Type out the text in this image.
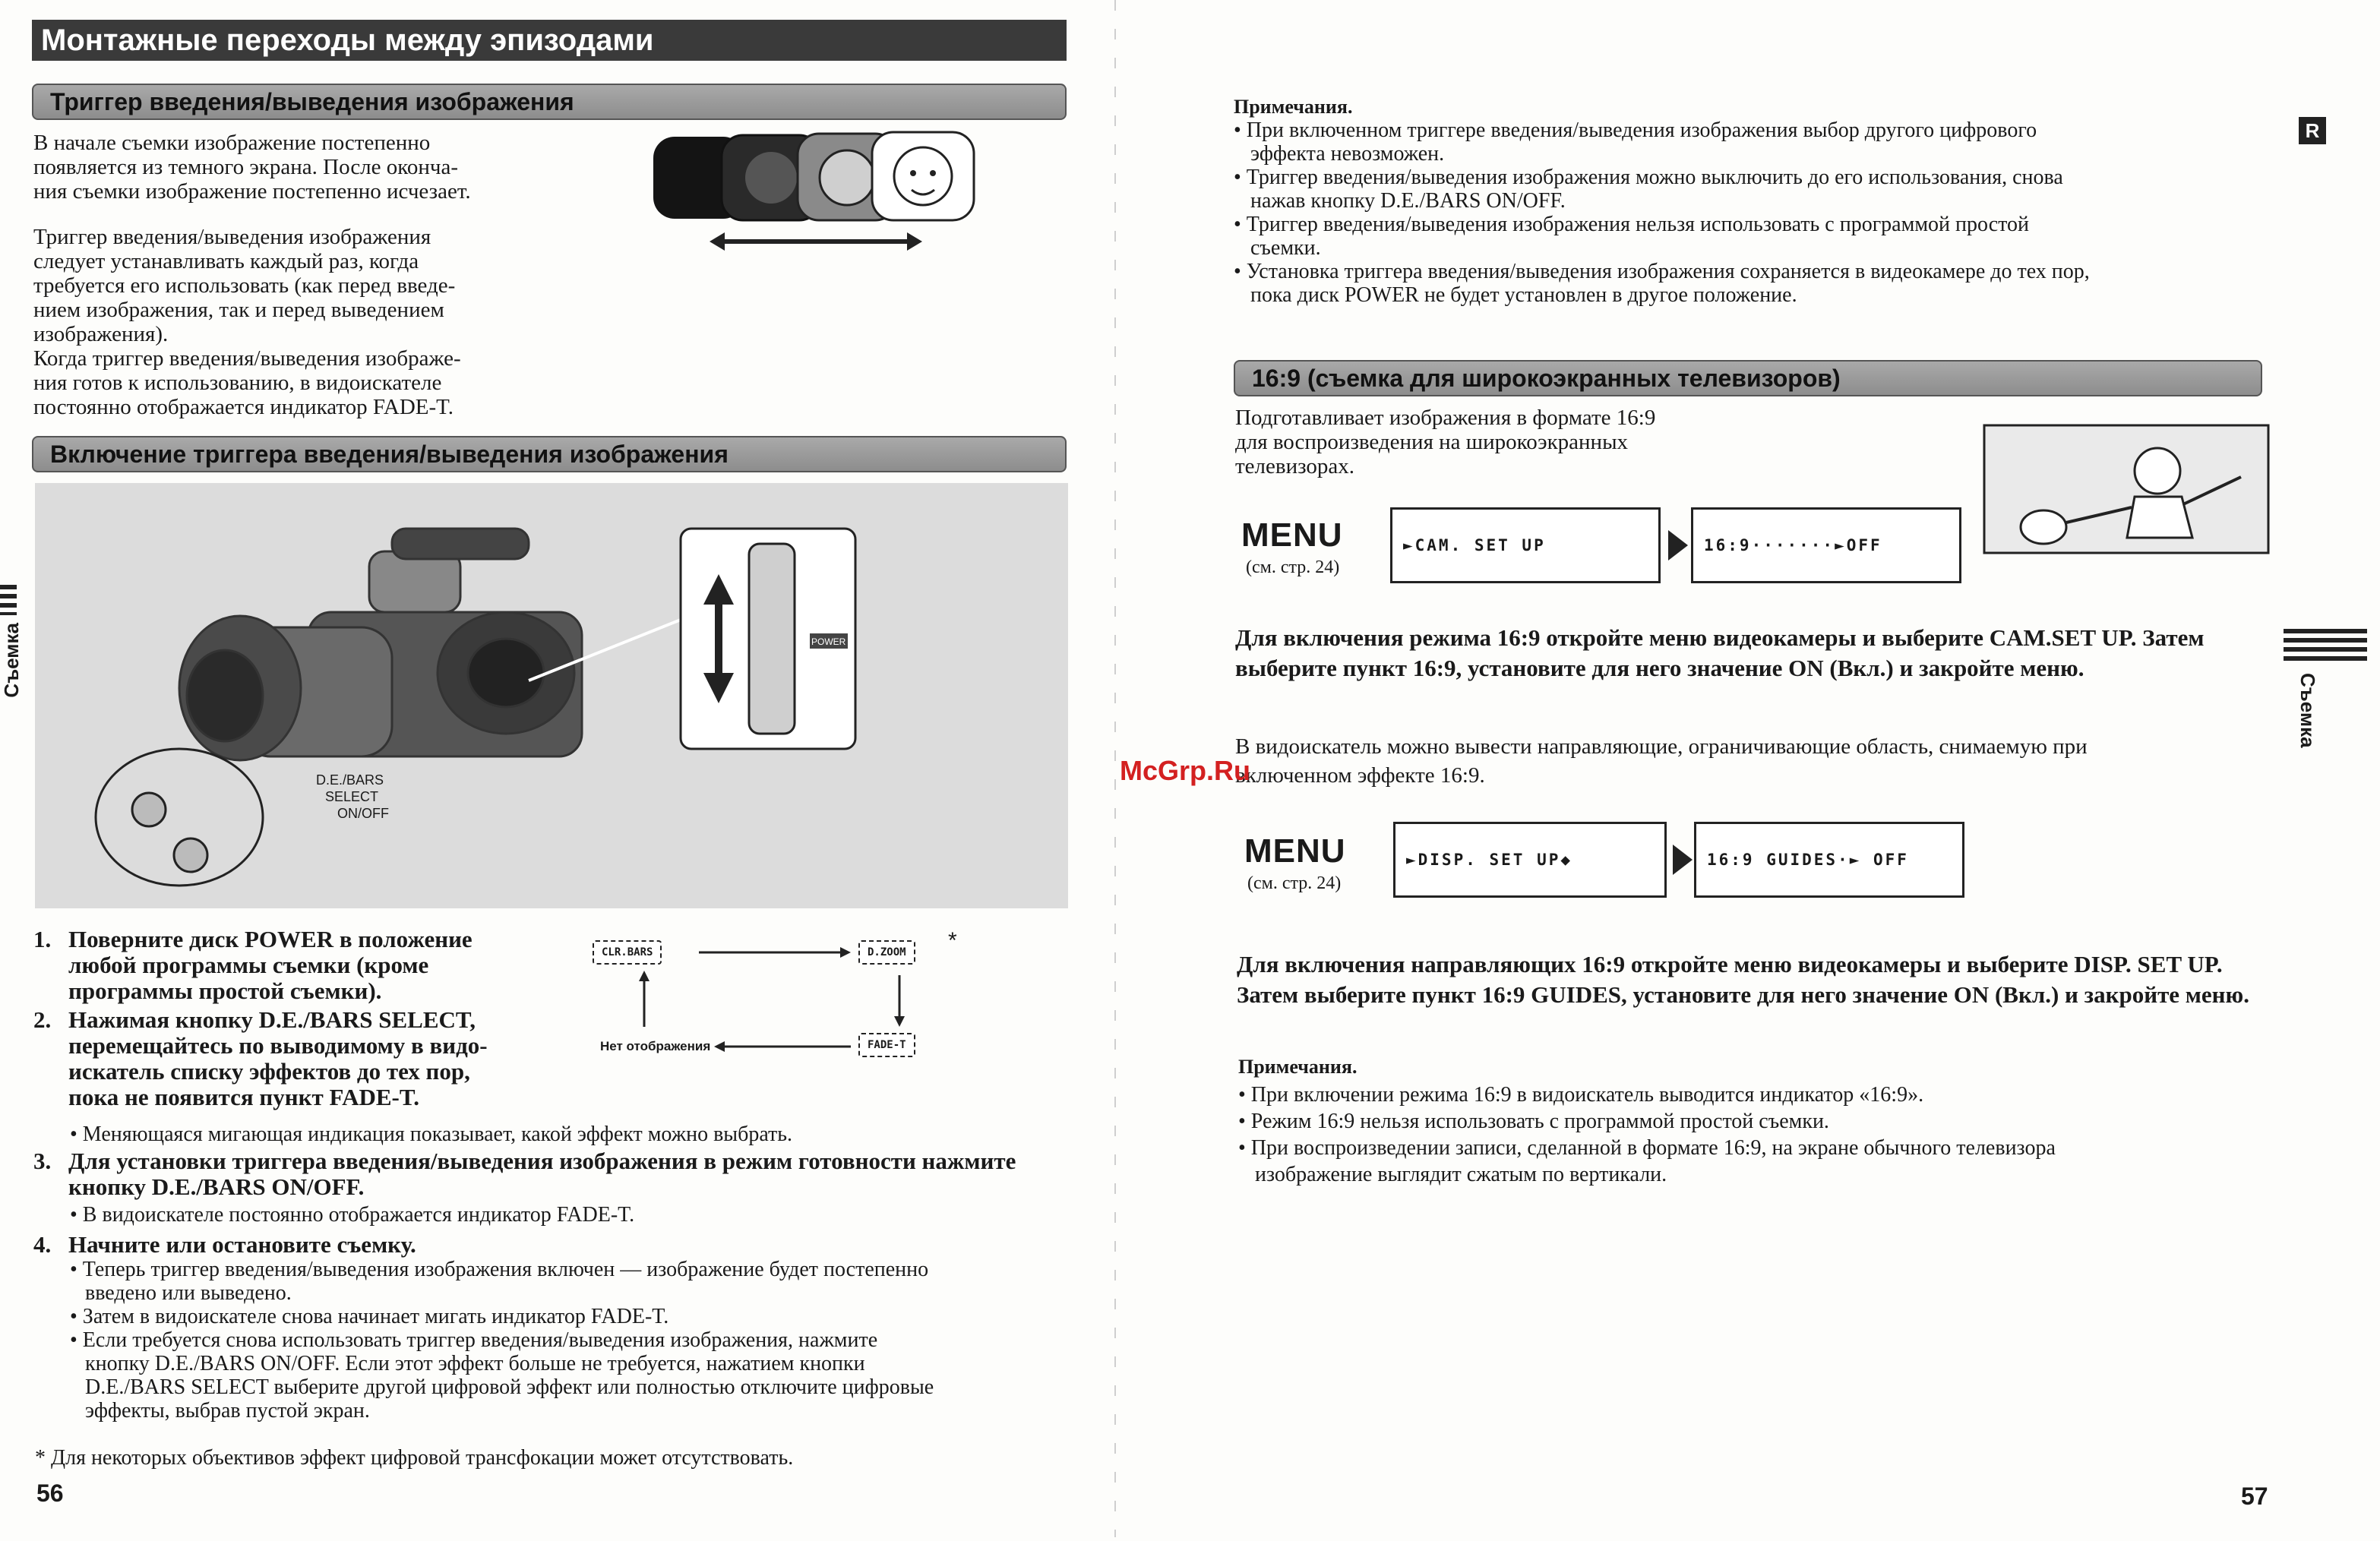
Монтажные переходы между эпизодами
Триггер введения/выведения изображения
В начале съемки изображение постепенно
появляется из темного экрана. После оконча-
ния съемки изображение постепенно исчезает.
Триггер введения/выведения изображения
следует устанавливать каждый раз, когда
требуется его использовать (как перед введе-
нием изображения, так и перед выведением
изображения).
Когда триггер введения/выведения изображе-
ния готов к использованию, в видоискателе
постоянно отображается индикатор FADE-T.
Включение триггера введения/выведения изображения
D.E./BARS
SELECT
ON/OFF
POWER
1. Поверните диск POWER в положение
любой программы съемки (кроме
программы простой съемки).
2. Нажимая кнопку D.E./BARS SELECT,
перемещайтесь по выводимому в видо-
искатель списку эффектов до тех пор,
пока не появится пункт FADE-T.
CLR.BARS	D.ZOOM	*
FADE-T
Нет отображения
• Меняющаяся мигающая индикация показывает, какой эффект можно выбрать.
3. Для установки триггера введения/выведения изображения в режим готовности нажмите
кнопку D.E./BARS ON/OFF.
• В видоискателе постоянно отображается индикатор FADE-T.
4. Начните или остановите съемку.
• Теперь триггер введения/выведения изображения включен — изображение будет постепенно
введено или выведено.
• Затем в видоискателе снова начинает мигать индикатор FADE-T.
• Если требуется снова использовать триггер введения/выведения изображения, нажмите
кнопку D.E./BARS ON/OFF. Если этот эффект больше не требуется, нажатием кнопки
D.E./BARS SELECT выберите другой цифровой эффект или полностью отключите цифровые
эффекты, выбрав пустой экран.
* Для некоторых объективов эффект цифровой трансфокации может отсутствовать.
56
Съемка
Примечания.
• При включенном триггере введения/выведения изображения выбор другого цифрового
эффекта невозможен.
• Триггер введения/выведения изображения можно выключить до его использования, снова
нажав кнопку D.E./BARS ON/OFF.
• Триггер введения/выведения изображения нельзя использовать с программой простой
съемки.
• Установка триггера введения/выведения изображения сохраняется в видеокамере до тех пор,
пока диск POWER не будет установлен в другое положение.
R
16:9 (съемка для широкоэкранных телевизоров)
Подготавливает изображения в формате 16:9
для воспроизведения на широкоэкранных
телевизорах.
MENU
(см. стр. 24)
►CAM. SET UP	16:9·······►OFF
Для включения режима 16:9 откройте меню видеокамеры и выберите CAM.SET UP. Затем
выберите пункт 16:9, установите для него значение ON (Вкл.) и закройте меню.
В видоискатель можно вывести направляющие, ограничивающие область, снимаемую при
включенном эффекте 16:9.
McGrp.Ru
MENU
(см. стр. 24)
►DISP. SET UP◆	16:9 GUIDES·► OFF
Для включения направляющих 16:9 откройте меню видеокамеры и выберите DISP. SET UP.
Затем выберите пункт 16:9 GUIDES, установите для него значение ON (Вкл.) и закройте меню.
Примечания.
• При включении режима 16:9 в видоискатель выводится индикатор «16:9».
• Режим 16:9 нельзя использовать с программой простой съемки.
• При воспроизведении записи, сделанной в формате 16:9, на экране обычного телевизора
изображение выглядит сжатым по вертикали.
Съемка
57
